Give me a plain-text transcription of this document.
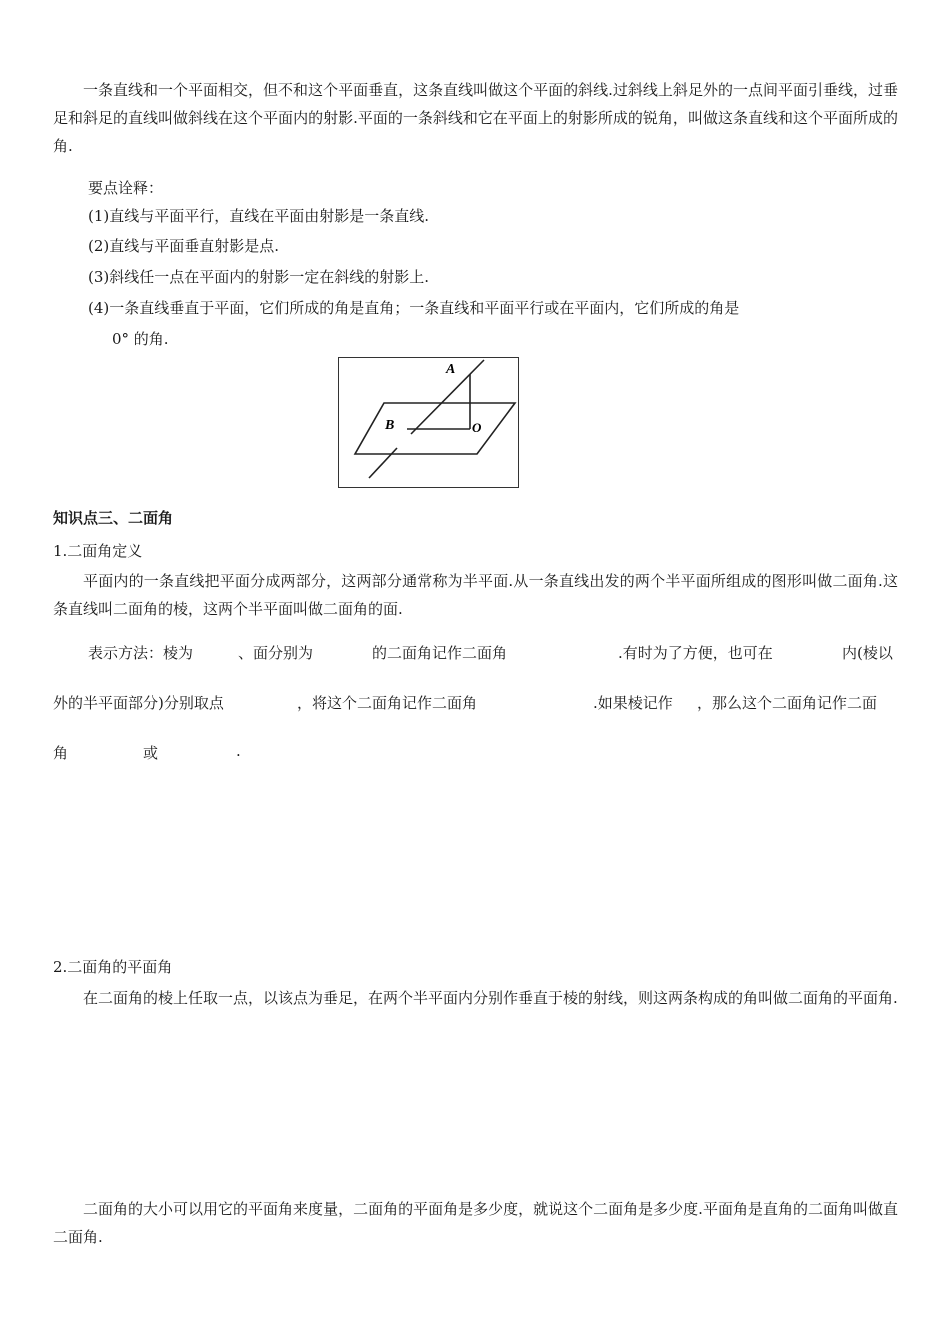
一条直线和一个平面相交，但不和这个平面垂直，这条直线叫做这个平面的斜线.过斜线上斜足外的一点间平面引垂线，过垂足和斜足的直线叫做斜线在这个平面内的射影.平面的一条斜线和它在平面上的射影所成的锐角，叫做这条直线和这个平面所成的角.
要点诠释：
(1)直线与平面平行，直线在平面由射影是一条直线.
(2)直线与平面垂直射影是点.
(3)斜线任一点在平面内的射影一定在斜线的射影上.
(4)一条直线垂直于平面，它们所成的角是直角；一条直线和平面平行或在平面内，它们所成的角是
0° 的角.
A
B	O
知识点三、二面角
1.二面角定义
平面内的一条直线把平面分成两部分，这两部分通常称为半平面.从一条直线出发的两个半平面所组成的图形叫做二面角.这条直线叫二面角的棱，这两个半平面叫做二面角的面.
表示方法：棱为	、面分别为	的二面角记作二面角	.有时为了方便，也可在	内(棱以
外的半平面部分)分别取点	，将这个二面角记作二面角	.如果棱记作 ，那么这个二面角记作二面
角	或	.
2.二面角的平面角
在二面角的棱上任取一点，以该点为垂足，在两个半平面内分别作垂直于棱的射线，则这两条构成的角叫做二面角的平面角.
二面角的大小可以用它的平面角来度量，二面角的平面角是多少度，就说这个二面角是多少度.平面角是直角的二面角叫做直二面角.
